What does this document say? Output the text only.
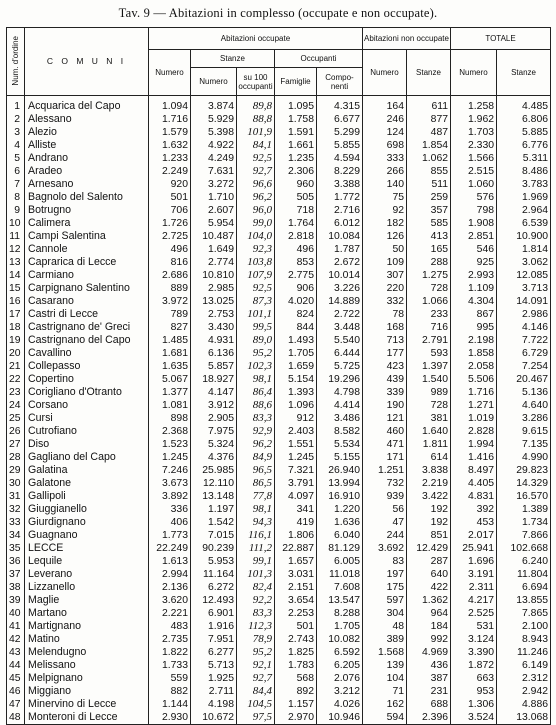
Tav. 9 — Abitazioni in complesso (occupate e non occupate).
Num. d'ordine	C O M U N I	Abitazioni occupate					Abitazioni non occupate		TOTALE	
		Numero	Stanze		Occupanti		Numero	Stanze	Numero	Stanze
			Numero	su 100 occupanti	Famiglie	Compo- nenti				
1	Acquarica del Capo	1.094	3.874	89,8	1.095	4.315	164	611	1.258	4.485
2	Alessano	1.716	5.929	88,8	1.758	6.677	246	877	1.962	6.806
3	Alezio	1.579	5.398	101,9	1.591	5.299	124	487	1.703	5.885
4	Alliste	1.632	4.922	84,1	1.661	5.855	698	1.854	2.330	6.776
5	Andrano	1.233	4.249	92,5	1.235	4.594	333	1.062	1.566	5.311
6	Aradeo	2.249	7.631	92,7	2.306	8.229	266	855	2.515	8.486
7	Arnesano	920	3.272	96,6	960	3.388	140	511	1.060	3.783
8	Bagnolo del Salento	501	1.710	96,2	505	1.772	75	259	576	1.969
9	Botrugno	706	2.607	96,0	718	2.716	92	357	798	2.964
10	Calimera	1.726	5.954	99,0	1.764	6.012	182	585	1.908	6.539
11	Campi Salentina	2.725	10.487	104,0	2.818	10.084	126	413	2.851	10.900
12	Cannole	496	1.649	92,3	496	1.787	50	165	546	1.814
13	Caprarica di Lecce	816	2.774	103,8	853	2.672	109	288	925	3.062
14	Carmiano	2.686	10.810	107,9	2.775	10.014	307	1.275	2.993	12.085
15	Carpignano Salentino	889	2.985	92,5	906	3.226	220	728	1.109	3.713
16	Casarano	3.972	13.025	87,3	4.020	14.889	332	1.066	4.304	14.091
17	Castri di Lecce	789	2.753	101,1	824	2.722	78	233	867	2.986
18	Castrignano de' Greci	827	3.430	99,5	844	3.448	168	716	995	4.146
19	Castrignano del Capo	1.485	4.931	89,0	1.493	5.540	713	2.791	2.198	7.722
20	Cavallino	1.681	6.136	95,2	1.705	6.444	177	593	1.858	6.729
21	Collepasso	1.635	5.857	102,3	1.659	5.725	423	1.397	2.058	7.254
22	Copertino	5.067	18.927	98,1	5.154	19.296	439	1.540	5.506	20.467
23	Corigliano d'Otranto	1.377	4.147	86,4	1.393	4.798	339	989	1.716	5.136
24	Corsano	1.081	3.912	88,6	1.096	4.414	190	728	1.271	4.640
25	Cursi	898	2.905	83,3	912	3.486	121	381	1.019	3.286
26	Cutrofiano	2.368	7.975	92,9	2.403	8.582	460	1.640	2.828	9.615
27	Diso	1.523	5.324	96,2	1.551	5.534	471	1.811	1.994	7.135
28	Gagliano del Capo	1.245	4.376	84,9	1.245	5.155	171	614	1.416	4.990
29	Galatina	7.246	25.985	96,5	7.321	26.940	1.251	3.838	8.497	29.823
30	Galatone	3.673	12.110	86,5	3.791	13.994	732	2.219	4.405	14.329
31	Gallipoli	3.892	13.148	77,8	4.097	16.910	939	3.422	4.831	16.570
32	Giuggianello	336	1.197	98,1	341	1.220	56	192	392	1.389
33	Giurdignano	406	1.542	94,3	419	1.636	47	192	453	1.734
34	Guagnano	1.773	7.015	116,1	1.806	6.040	244	851	2.017	7.866
35	LECCE	22.249	90.239	111,2	22.887	81.129	3.692	12.429	25.941	102.668
36	Lequile	1.613	5.953	99,1	1.657	6.005	83	287	1.696	6.240
37	Leverano	2.994	11.164	101,3	3.031	11.018	197	640	3.191	11.804
38	Lizzanello	2.136	6.272	82,4	2.151	7.608	175	422	2.311	6.694
39	Maglie	3.620	12.493	92,2	3.654	13.547	597	1.362	4.217	13.855
40	Martano	2.221	6.901	83,3	2.253	8.288	304	964	2.525	7.865
41	Martignano	483	1.916	112,3	501	1.705	48	184	531	2.100
42	Matino	2.735	7.951	78,9	2.743	10.082	389	992	3.124	8.943
43	Melendugno	1.822	6.277	95,2	1.825	6.592	1.568	4.969	3.390	11.246
44	Melissano	1.733	5.713	92,1	1.783	6.205	139	436	1.872	6.149
45	Melpignano	559	1.925	92,7	568	2.076	104	387	663	2.312
46	Miggiano	882	2.711	84,4	892	3.212	71	231	953	2.942
47	Minervino di Lecce	1.144	4.198	104,5	1.157	4.026	162	688	1.306	4.886
48	Monteroni di Lecce	2.930	10.672	97,5	2.970	10.946	594	2.396	3.524	13.068
